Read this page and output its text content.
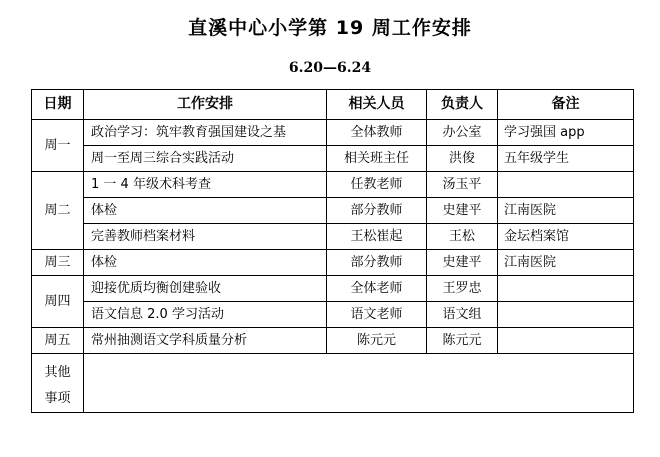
直溪中心小学第 19 周工作安排
6.20—6.24
日期	工作安排	相关人员	负责人	备注
周一	政治学习：筑牢教育强国建设之基	全体教师	办公室	学习强国 app
	周一至周三综合实践活动	相关班主任	洪俊	五年级学生
周二	1 一 4 年级术科考查	任教老师	汤玉平	
	体检	部分教师	史建平	江南医院
	完善教师档案材料	王松崔起	王松	金坛档案馆
周三	体检	部分教师	史建平	江南医院
周四	迎接优质均衡创建验收	全体老师	王罗忠	
	语文信息 2.0 学习活动	语文老师	语文组	
周五	常州抽测语文学科质量分析	陈元元	陈元元	

其他
事项				
